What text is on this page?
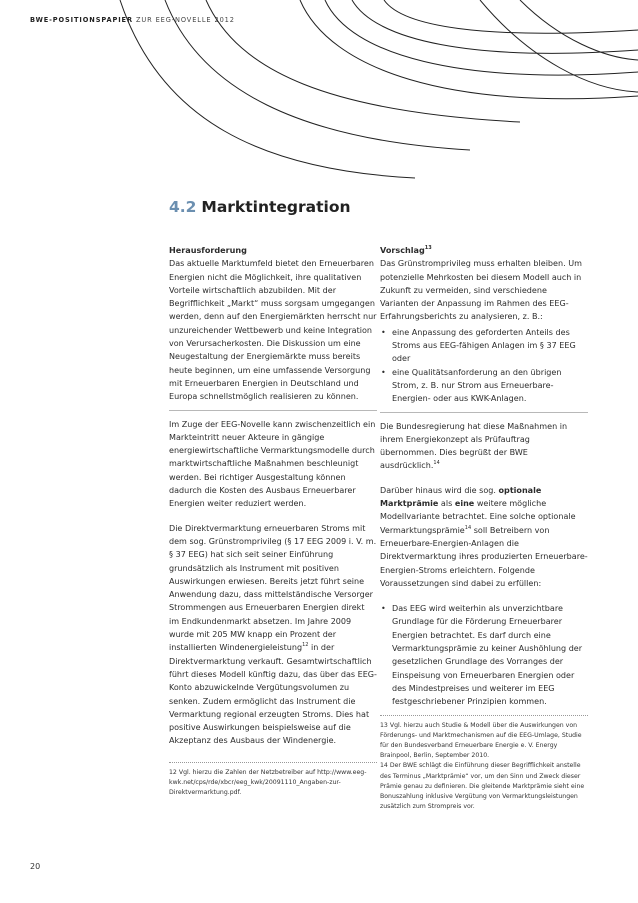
BWE-POSITIONSPAPIER ZUR EEG-NOVELLE 2012
4.2 Marktintegration
Herausforderung

Das aktuelle Marktumfeld bietet den Erneuerbaren Energien nicht die Möglichkeit, ihre qualitativen Vorteile wirtschaftlich abzubilden. Mit der Begrifflichkeit „Markt“ muss sorgsam umgegangen werden, denn auf den Energiemärkten herrscht nur unzureichender Wettbewerb und keine Integration von Verursacherkosten. Die Diskussion um eine Neugestaltung der Energiemärkte muss bereits heute beginnen, um eine umfassende Versorgung mit Erneuerbaren Energien in Deutschland und Europa schnellstmöglich realisieren zu können.

Im Zuge der EEG-Novelle kann zwischenzeitlich ein Markteintritt neuer Akteure in gängige energiewirtschaftliche Vermarktungsmodelle durch marktwirtschaftliche Maßnahmen beschleunigt werden. Bei richtiger Ausgestaltung können dadurch die Kosten des Ausbaus Erneuerbarer Energien weiter reduziert werden.

Die Direktvermarktung erneuerbaren Stroms mit dem sog. Grünstromprivileg (§ 17 EEG 2009 i. V. m. § 37 EEG) hat sich seit seiner Einführung grundsätzlich als Instrument mit positiven Auswirkungen erwiesen. Bereits jetzt führt seine Anwendung dazu, dass mittelständische Versorger Strommengen aus Erneuerbaren Energien direkt im Endkundenmarkt absetzen. Im Jahre 2009 wurde mit 205 MW knapp ein Prozent der installierten Windenergieleistung$^{12}$ in der Direktvermarktung verkauft. Gesamtwirtschaftlich führt dieses Modell künftig dazu, das über das EEG-Konto abzuwickelnde Vergütungsvolumen zu senken. Zudem ermöglicht das Instrument die Vermarktung regional erzeugten Stroms. Dies hat positive Auswirkungen beispielsweise auf die Akzeptanz des Ausbaus der Windenergie.

12 Vgl. hierzu die Zahlen der Netzbetreiber auf http://www.eeg-kwk.net/cps/rde/xbcr/eeg_kwk/20091110_Angaben-zur-Direktvermarktung.pdf.

Vorschlag$^{13}$

Das Grünstromprivileg muss erhalten bleiben. Um potenzielle Mehrkosten bei diesem Modell auch in Zukunft zu vermeiden, sind verschiedene Varianten der Anpassung im Rahmen des EEG-Erfahrungsberichts zu analysieren, z. B.:

• eine Anpassung des geforderten Anteils des Stroms aus EEG-fähigen Anlagen im § 37 EEG oder
• eine Qualitätsanforderung an den übrigen Strom, z. B. nur Strom aus Erneuerbare-Energien- oder aus KWK-Anlagen.

Die Bundesregierung hat diese Maßnahmen in ihrem Energiekonzept als Prüfauftrag übernommen. Dies begrüßt der BWE ausdrücklich.$^{14}$

Darüber hinaus wird die sog. optionale Marktprämie als eine weitere mögliche Modellvariante betrachtet. Eine solche optionale Vermarktungsprämie$^{14}$ soll Betreibern von Erneuerbare-Energien-Anlagen die Direktvermarktung ihres produzierten Erneuerbare-Energien-Stroms erleichtern. Folgende Voraussetzungen sind dabei zu erfüllen:

• Das EEG wird weiterhin als unverzichtbare Grundlage für die Förderung Erneuerbarer Energien betrachtet. Es darf durch eine Vermarktungsprämie zu keiner Aushöhlung der gesetzlichen Grundlage des Vorranges der Einspeisung von Erneuerbaren Energien oder des Mindestpreises und weiterer im EEG festgeschriebener Prinzipien kommen.

13 Vgl. hierzu auch Studie & Modell über die Auswirkungen von Förderungs- und Marktmechanismen auf die EEG-Umlage, Studie für den Bundesverband Erneuerbare Energie e. V. Energy Brainpool, Berlin, September 2010.

14 Der BWE schlägt die Einführung dieser Begrifflichkeit anstelle des Terminus „Marktprämie“ vor, um den Sinn und Zweck dieser Prämie genau zu definieren. Die gleitende Marktprämie sieht eine Bonuszahlung inklusive Vergütung von Vermarktungsleistungen zusätzlich zum Strompreis vor.

20
